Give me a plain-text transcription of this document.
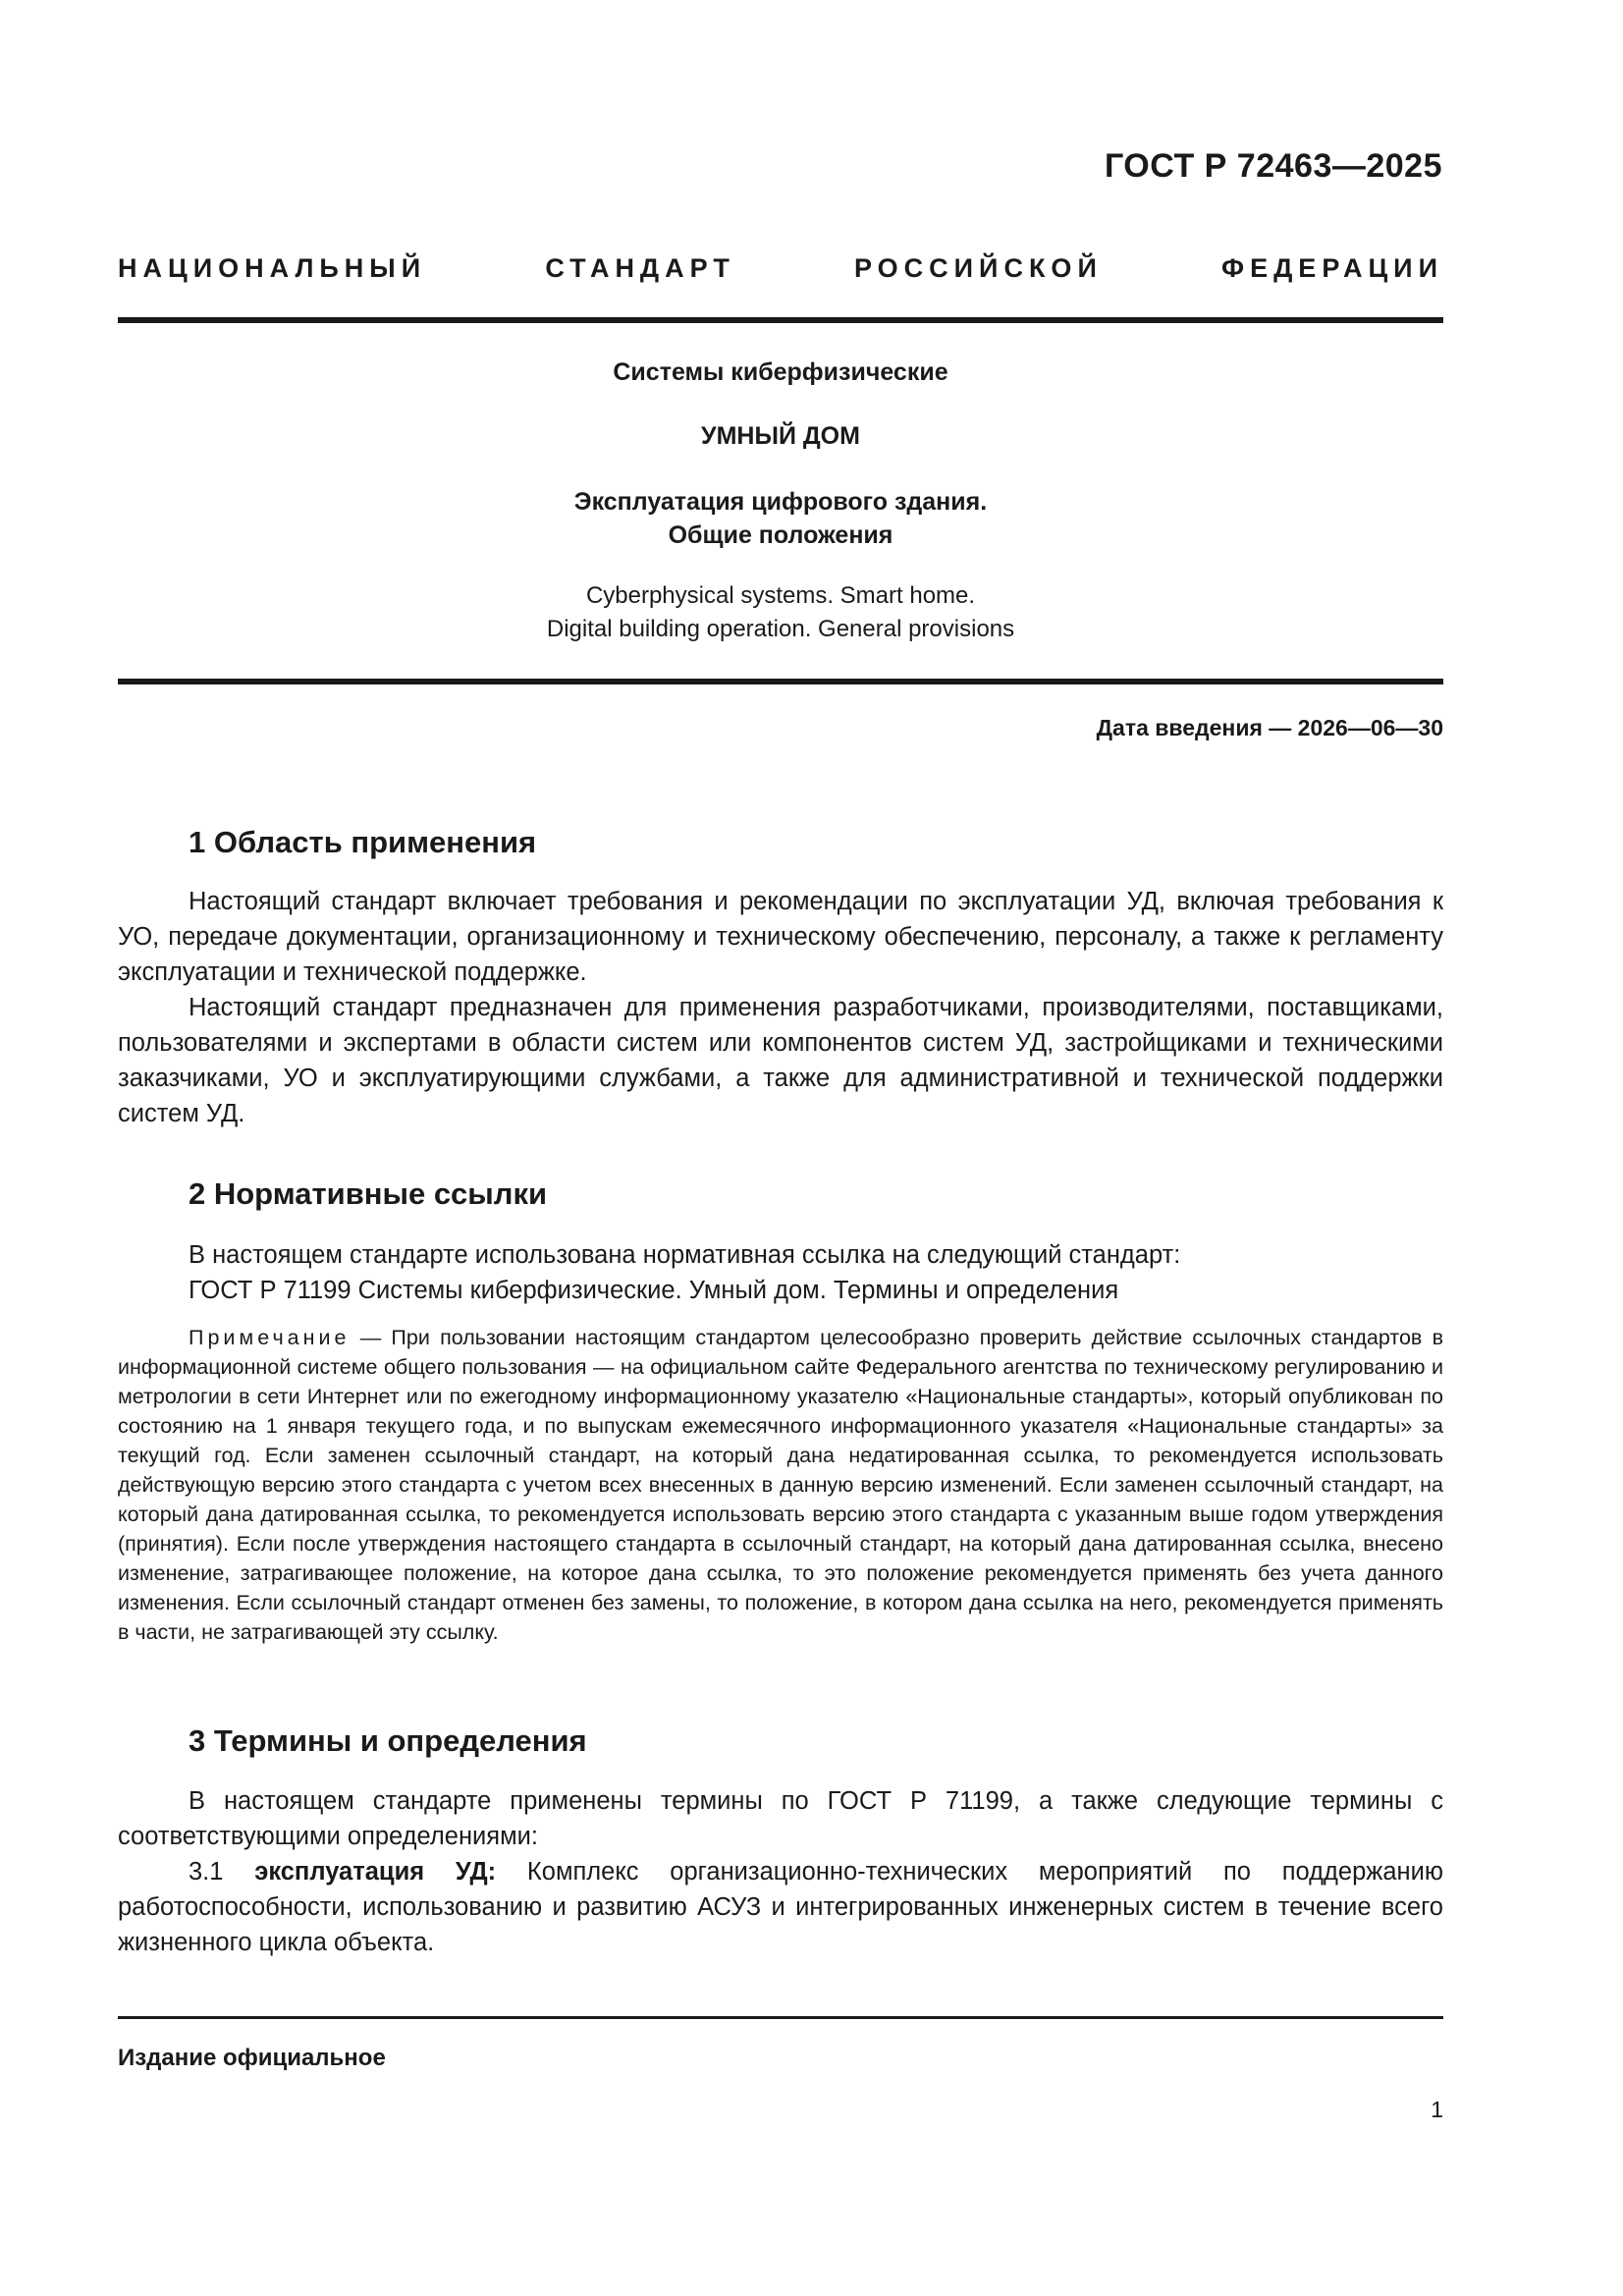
ГОСТ Р 72463—2025
НАЦИОНАЛЬНЫЙ СТАНДАРТ РОССИЙСКОЙ ФЕДЕРАЦИИ
Системы киберфизические
УМНЫЙ ДОМ
Эксплуатация цифрового здания.
Общие положения
Cyberphysical systems. Smart home.
Digital building operation. General provisions
Дата введения — 2026—06—30
1 Область применения

Настоящий стандарт включает требования и рекомендации по эксплуатации УД, включая требования к УО, передаче документации, организационному и техническому обеспечению, персоналу, а также к регламенту эксплуатации и технической поддержке.

Настоящий стандарт предназначен для применения разработчиками, производителями, поставщиками, пользователями и экспертами в области систем или компонентов систем УД, застройщиками и техническими заказчиками, УО и эксплуатирующими службами, а также для административной и технической поддержки систем УД.

2 Нормативные ссылки

В настоящем стандарте использована нормативная ссылка на следующий стандарт:

ГОСТ Р 71199 Системы киберфизические. Умный дом. Термины и определения

Примечание — При пользовании настоящим стандартом целесообразно проверить действие ссылочных стандартов в информационной системе общего пользования — на официальном сайте Федерального агентства по техническому регулированию и метрологии в сети Интернет или по ежегодному информационному указателю «Национальные стандарты», который опубликован по состоянию на 1 января текущего года, и по выпускам ежемесячного информационного указателя «Национальные стандарты» за текущий год. Если заменен ссылочный стандарт, на который дана недатированная ссылка, то рекомендуется использовать действующую версию этого стандарта с учетом всех внесенных в данную версию изменений. Если заменен ссылочный стандарт, на который дана датированная ссылка, то рекомендуется использовать версию этого стандарта с указанным выше годом утверждения (принятия). Если после утверждения настоящего стандарта в ссылочный стандарт, на который дана датированная ссылка, внесено изменение, затрагивающее положение, на которое дана ссылка, то это положение рекомендуется применять без учета данного изменения. Если ссылочный стандарт отменен без замены, то положение, в котором дана ссылка на него, рекомендуется применять в части, не затрагивающей эту ссылку.

3 Термины и определения

В настоящем стандарте применены термины по ГОСТ Р 71199, а также следующие термины с соответствующими определениями:

3.1 эксплуатация УД: Комплекс организационно-технических мероприятий по поддержанию работоспособности, использованию и развитию АСУЗ и интегрированных инженерных систем в течение всего жизненного цикла объекта.

Издание официальное
1
